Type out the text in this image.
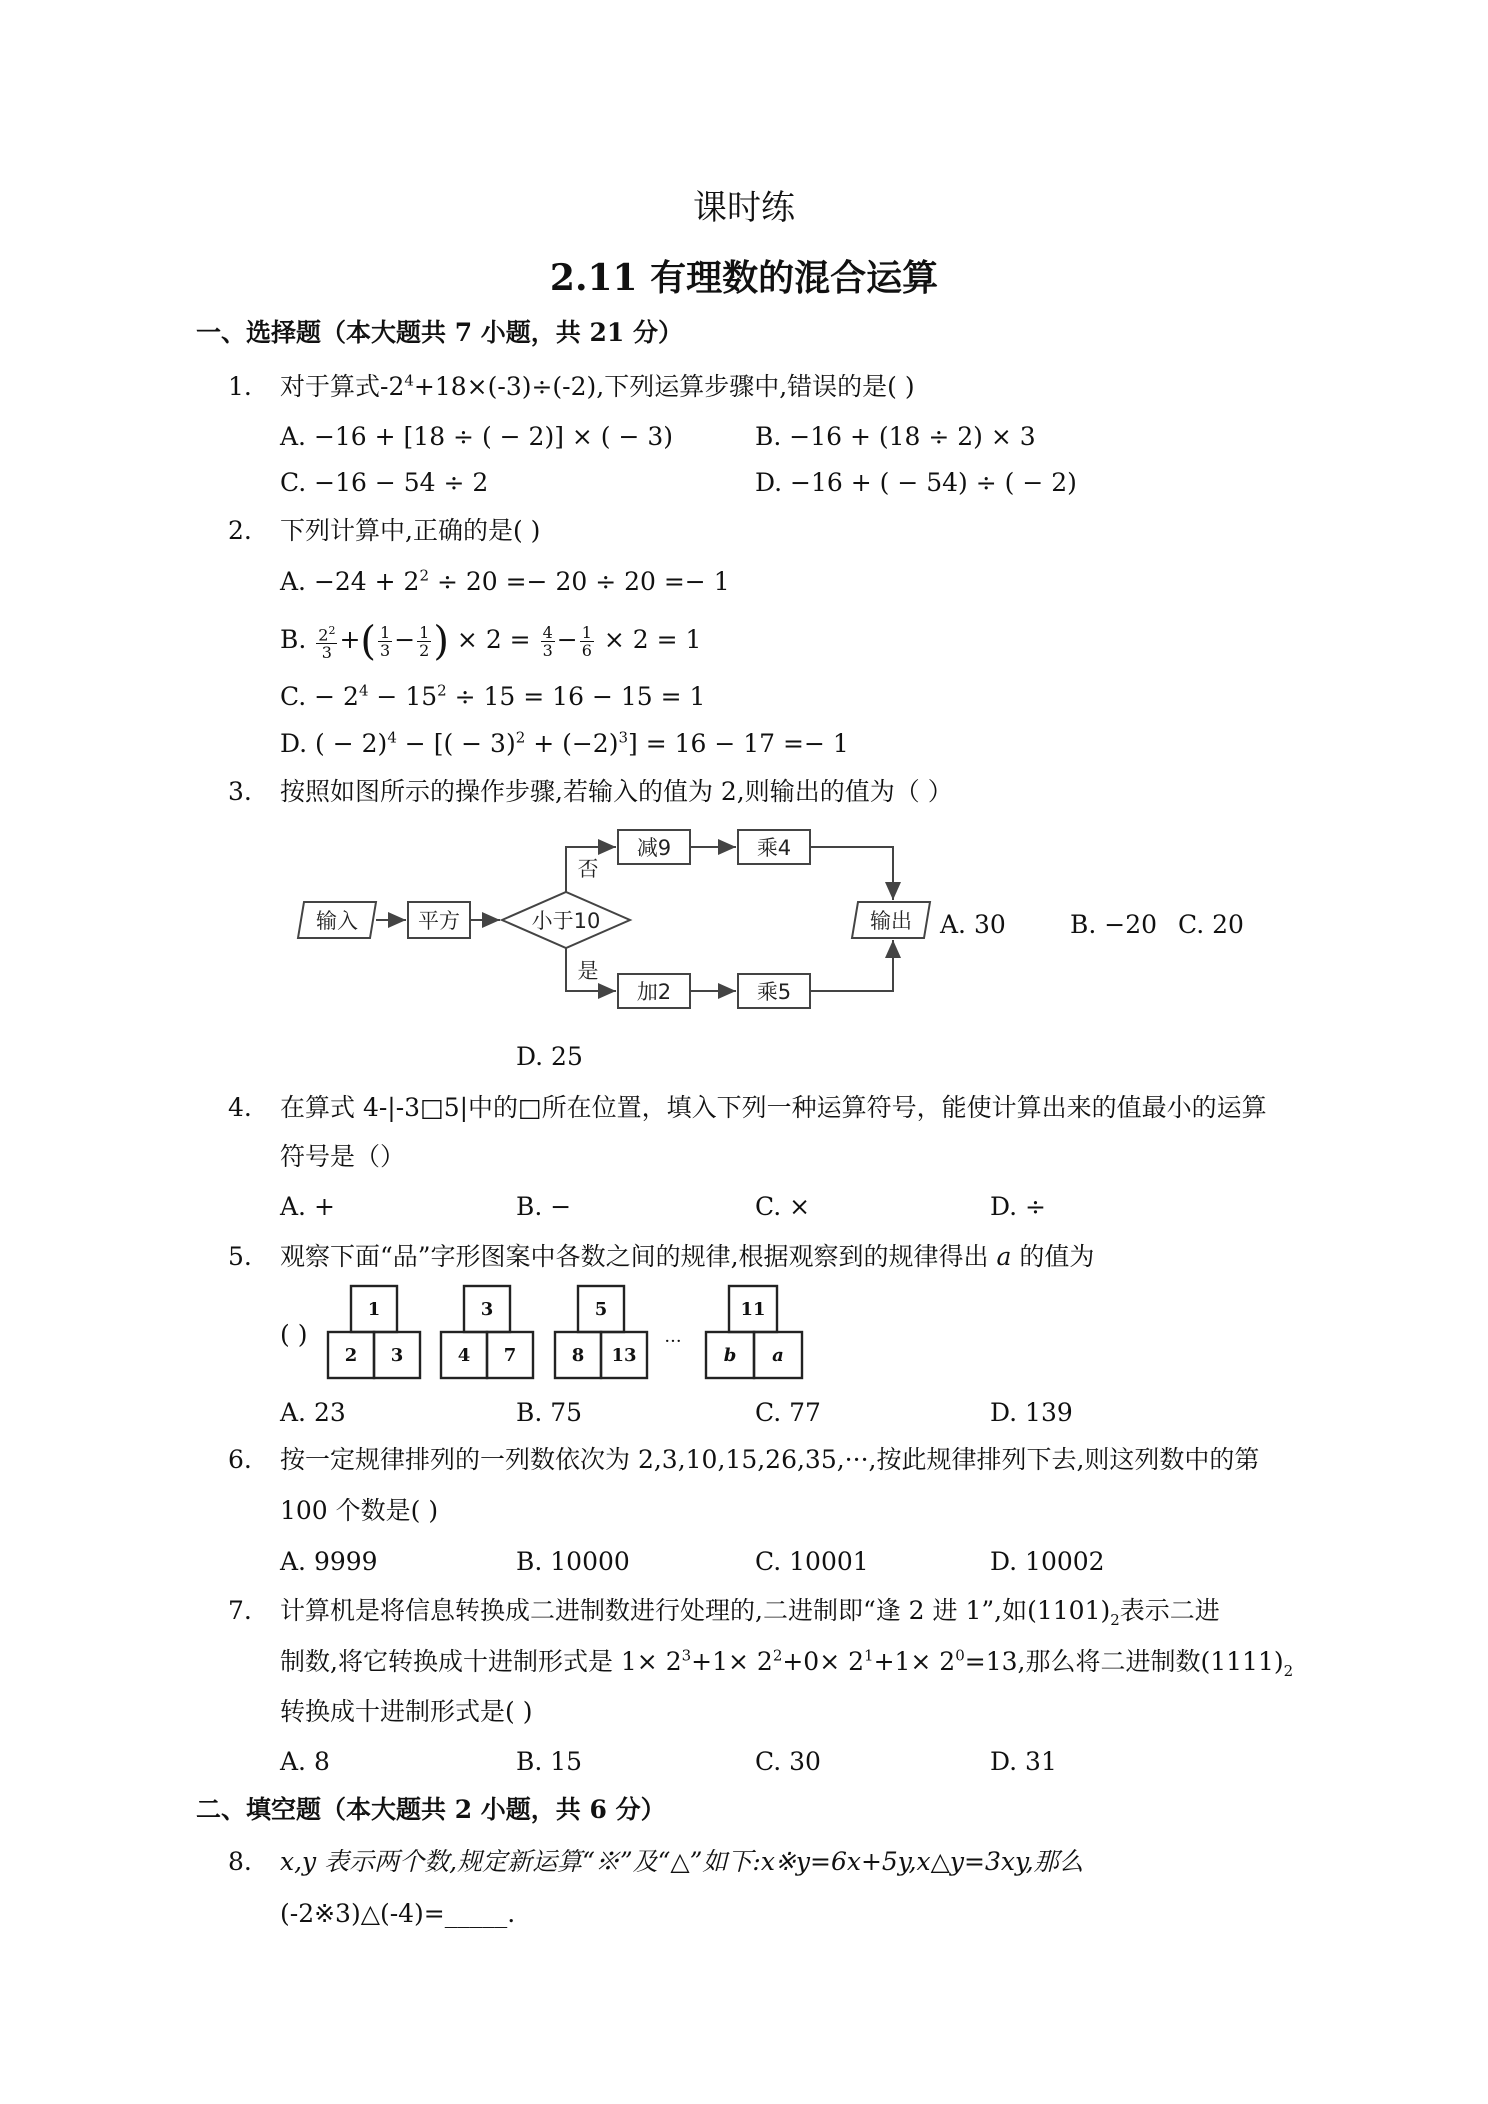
课时练
2.11 有理数的混合运算
一、选择题（本大题共 7 小题，共 21 分）
1. 对于算式$-2^4+18\times(-3)\div(-2)$,下列运算步骤中,错误的是( )
A. −16 + [18 ÷ ( − 2)] × ( − 3)	B. −16 + (18 ÷ 2) × 3
C. −16 − 54 ÷ 2	D. −16 + ( − 54) ÷ ( − 2)
2. 下列计算中,正确的是( )
A. $-24 + 2^2 \div 20 =- 20 \div 20 =- 1$
B. $\frac{2^2}{3}$ +( $\frac{1}{3} - \frac{1}{2}$ ) × $2 = \frac{4}{3} - \frac{1}{6} \times 2 = 1$
C. − $2^4 - 15^2 \div 15 = 16 - 15 = 1$
D. ( − 2)$^4$ − [( − $3)^2 + (-2)^3] = 16 - 17 =- 1$
3. 按照如图所示的操作步骤,若输入的值为 2,则输出的值为（ ）
输入	平方	小于10
减9	乘4
加2	乘5
输出
否
是
A. 30	B. −20 C. 20
D. 25
4. 在算式 4-|-3□5|中的□所在位置，填入下列一种运算符号，能使计算出来的值最小的运算
符号是（）
A. +	B. −	C. ×	D. ÷
5. 观察下面“品”字形图案中各数之间的规律,根据观察到的规律得出 a 的值为
( )
1
2 3
3
4 7
5
8 13
···
11
b a
A. 23	B. 75	C. 77	D. 139
6. 按一定规律排列的一列数依次为 2,3,10,15,26,35,···,按此规律排列下去,则这列数中的第
100 个数是( )
A. 9999	B. 10000	C. 10001	D. 10002
7. 计算机是将信息转换成二进制数进行处理的,二进制即“逢 2 进 1”,如$(1101)_2$表示二进
制数,将它转换成十进制形式是 $1\times 2^3+1\times 2^2+0\times 2^1+1\times 2^0=13$,那么将二进制数$(1111)_2$
转换成十进制形式是( )
A. 8	B. 15	C. 30	D. 31
二、填空题（本大题共 2 小题，共 6 分）
8. x,y 表示两个数,规定新运算“※”及“△”如下:x※y=6x+5y,x△y=3xy,那么
(-2※3)△(-4)=_____.
